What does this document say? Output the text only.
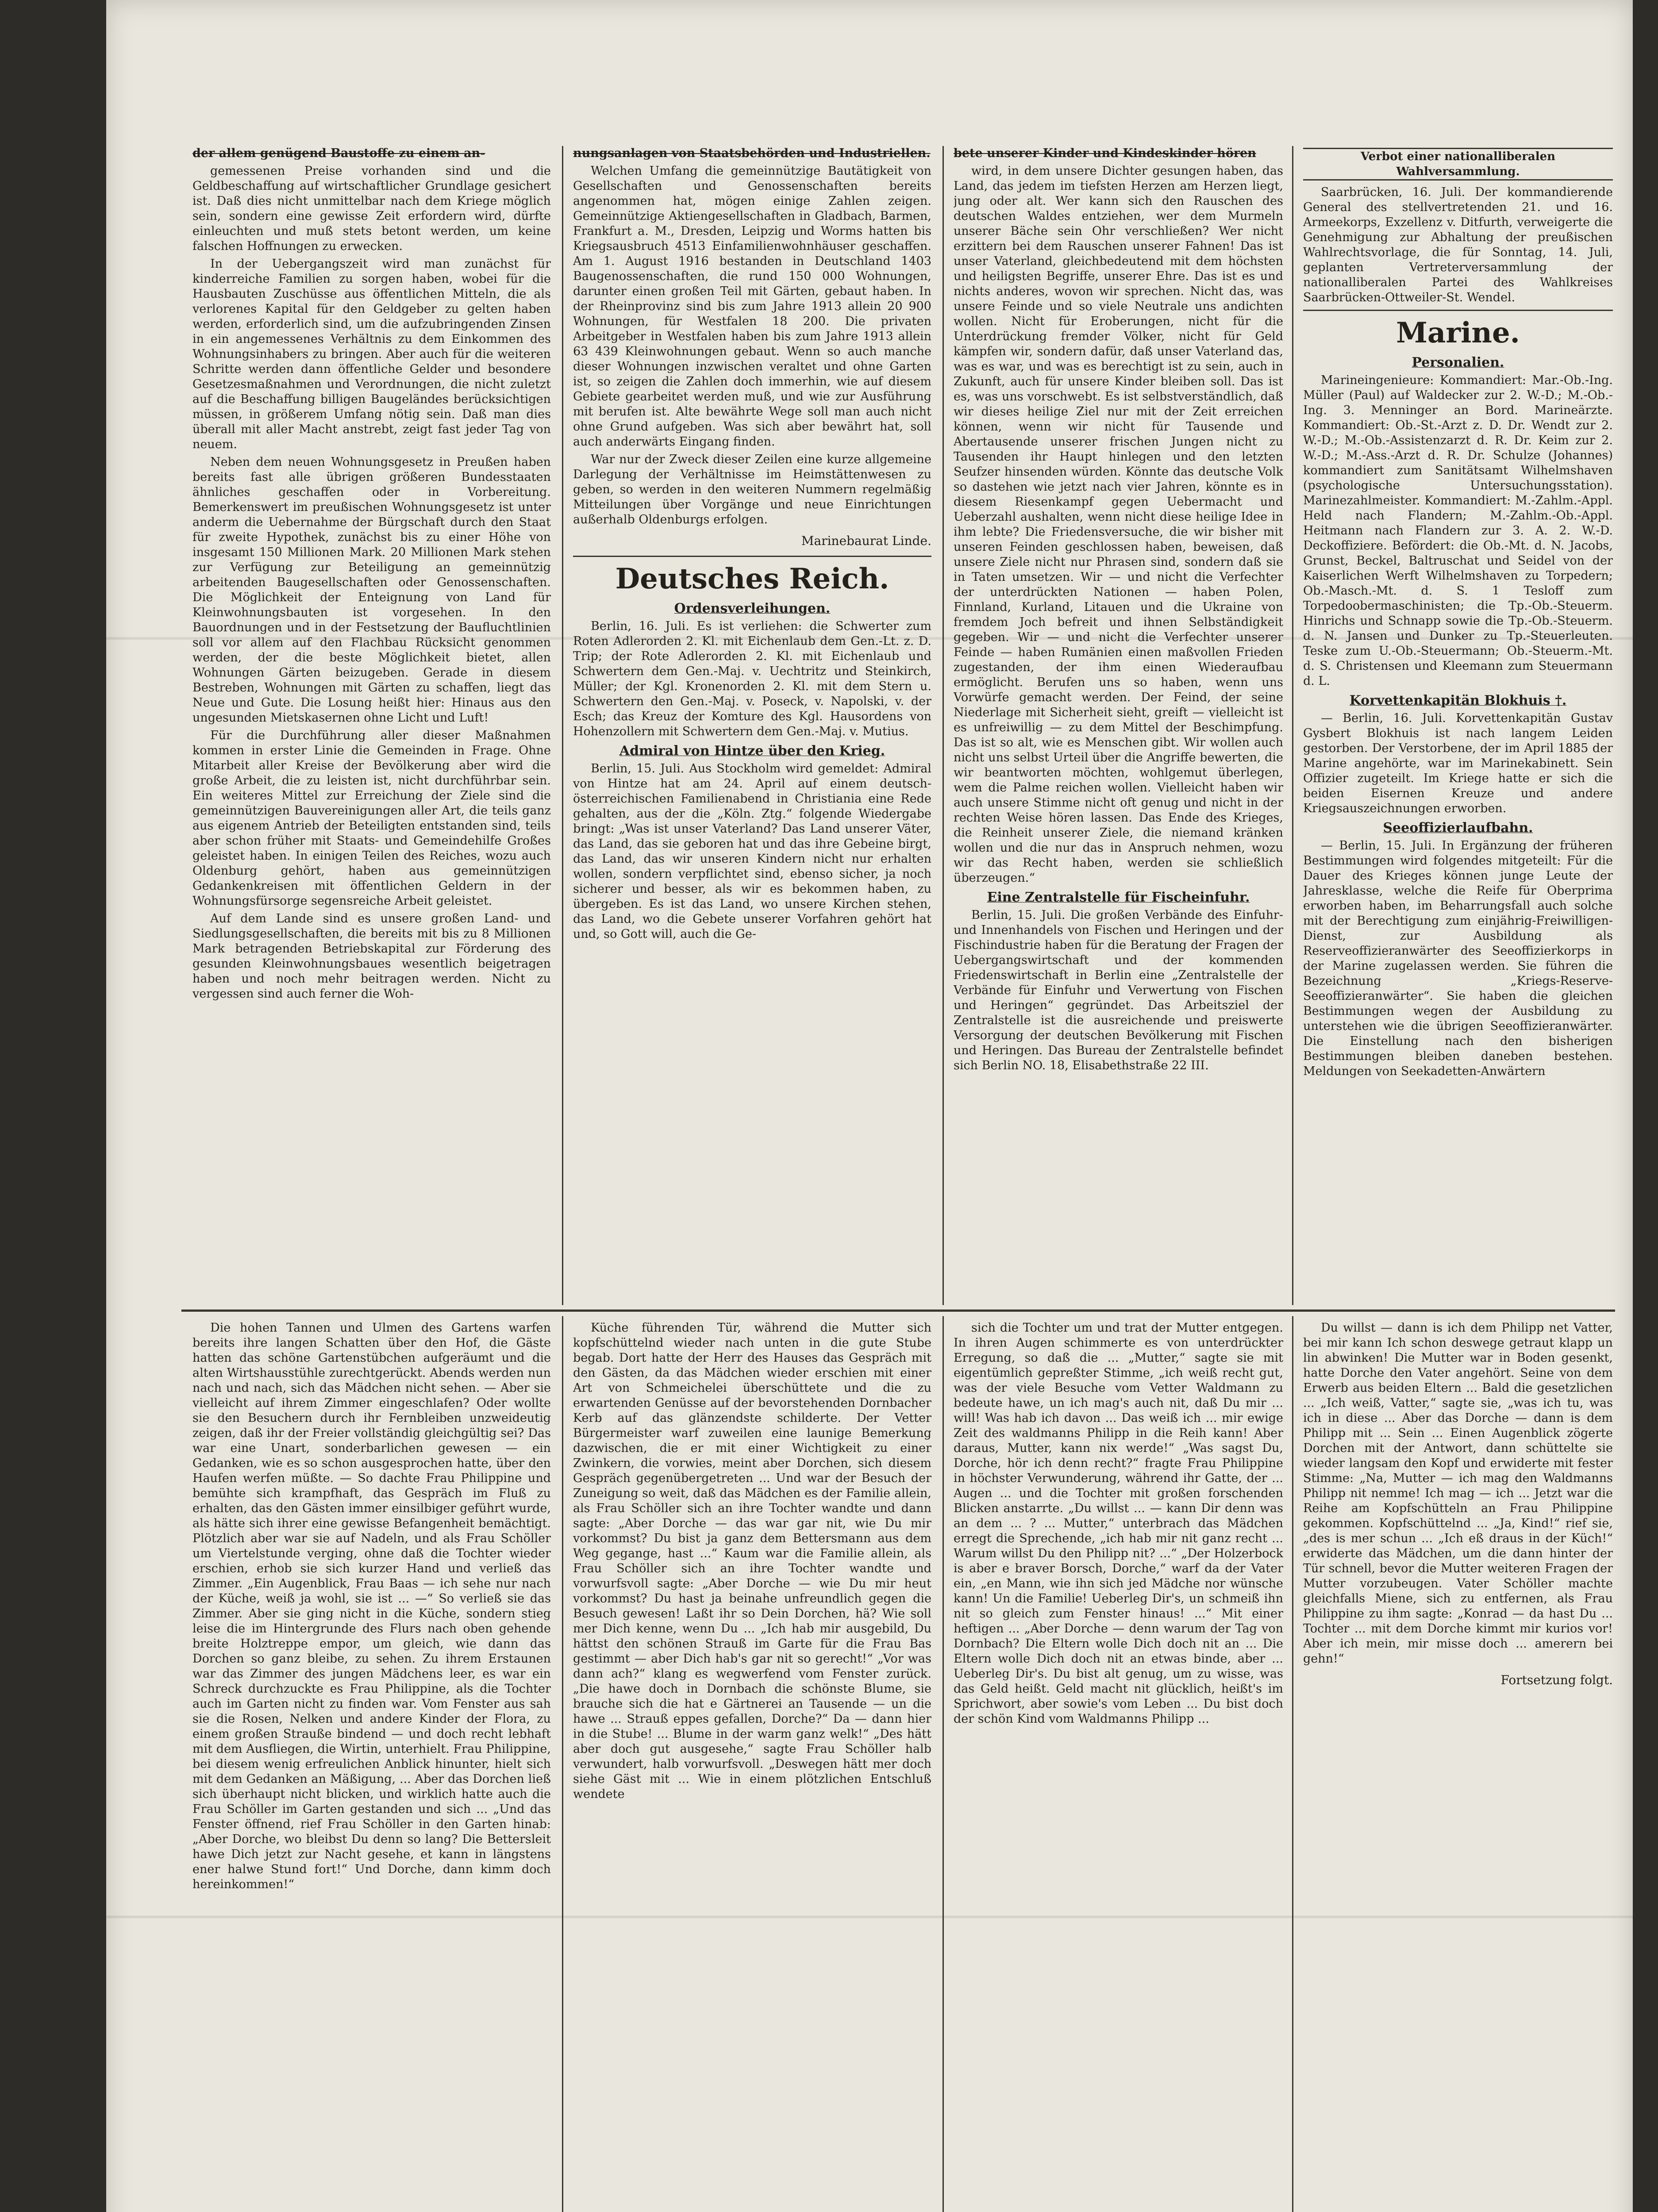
der allem genügend Baustoffe zu einem an-

gemessenen Preise vorhanden sind und die Geldbeschaffung auf wirtschaftlicher Grundlage gesichert ist. Daß dies nicht unmittelbar nach dem Kriege möglich sein, sondern eine gewisse Zeit erfordern wird, dürfte einleuchten und muß stets betont werden, um keine falschen Hoffnungen zu erwecken.

In der Uebergangszeit wird man zunächst für kinderreiche Familien zu sorgen haben, wobei für die Hausbauten Zuschüsse aus öffentlichen Mitteln, die als verlorenes Kapital für den Geldgeber zu gelten haben werden, erforderlich sind, um die aufzubringenden Zinsen in ein angemessenes Verhältnis zu dem Einkommen des Wohnungsinhabers zu bringen. Aber auch für die weiteren Schritte werden dann öffentliche Gelder und besondere Gesetzesmaßnahmen und Verordnungen, die nicht zuletzt auf die Beschaffung billigen Baugeländes berücksichtigen müssen, in größerem Umfang nötig sein. Daß man dies überall mit aller Macht anstrebt, zeigt fast jeder Tag von neuem.

Neben dem neuen Wohnungsgesetz in Preußen haben bereits fast alle übrigen größeren Bundesstaaten ähnliches geschaffen oder in Vorbereitung. Bemerkenswert im preußischen Wohnungsgesetz ist unter anderm die Uebernahme der Bürgschaft durch den Staat für zweite Hypothek, zunächst bis zu einer Höhe von insgesamt 150 Millionen Mark. 20 Millionen Mark stehen zur Verfügung zur Beteiligung an gemeinnützig arbeitenden Baugesellschaften oder Genossenschaften. Die Möglichkeit der Enteignung von Land für Kleinwohnungsbauten ist vorgesehen. In den Bauordnungen und in der Festsetzung der Baufluchtlinien soll vor allem auf den Flachbau Rücksicht genommen werden, der die beste Möglichkeit bietet, allen Wohnungen Gärten beizugeben. Gerade in diesem Bestreben, Wohnungen mit Gärten zu schaffen, liegt das Neue und Gute. Die Losung heißt hier: Hinaus aus den ungesunden Mietskasernen ohne Licht und Luft!

Für die Durchführung aller dieser Maßnahmen kommen in erster Linie die Gemeinden in Frage. Ohne Mitarbeit aller Kreise der Bevölkerung aber wird die große Arbeit, die zu leisten ist, nicht durchführbar sein. Ein weiteres Mittel zur Erreichung der Ziele sind die gemeinnützigen Bauvereinigungen aller Art, die teils ganz aus eigenem Antrieb der Beteiligten entstanden sind, teils aber schon früher mit Staats- und Gemeindehilfe Großes geleistet haben. In einigen Teilen des Reiches, wozu auch Oldenburg gehört, haben aus gemeinnützigen Gedankenkreisen mit öffentlichen Geldern in der Wohnungsfürsorge segensreiche Arbeit geleistet.

Auf dem Lande sind es unsere großen Land- und Siedlungsgesellschaften, die bereits mit bis zu 8 Millionen Mark betragenden Betriebskapital zur Förderung des gesunden Kleinwohnungsbaues wesentlich beigetragen haben und noch mehr beitragen werden. Nicht zu vergessen sind auch ferner die Woh-

nungsanlagen von Staatsbehörden und Industriellen.

Welchen Umfang die gemeinnützige Bautätigkeit von Gesellschaften und Genossenschaften bereits angenommen hat, mögen einige Zahlen zeigen. Gemeinnützige Aktiengesellschaften in Gladbach, Barmen, Frankfurt a. M., Dresden, Leipzig und Worms hatten bis Kriegsausbruch 4513 Einfamilienwohnhäuser geschaffen. Am 1. August 1916 bestanden in Deutschland 1403 Baugenossenschaften, die rund 150 000 Wohnungen, darunter einen großen Teil mit Gärten, gebaut haben. In der Rheinprovinz sind bis zum Jahre 1913 allein 20 900 Wohnungen, für Westfalen 18 200. Die privaten Arbeitgeber in Westfalen haben bis zum Jahre 1913 allein 63 439 Kleinwohnungen gebaut. Wenn so auch manche dieser Wohnungen inzwischen veraltet und ohne Garten ist, so zeigen die Zahlen doch immerhin, wie auf diesem Gebiete gearbeitet werden muß, und wie zur Ausführung mit berufen ist. Alte bewährte Wege soll man auch nicht ohne Grund aufgeben. Was sich aber bewährt hat, soll auch anderwärts Eingang finden.

War nur der Zweck dieser Zeilen eine kurze allgemeine Darlegung der Verhältnisse im Heimstättenwesen zu geben, so werden in den weiteren Nummern regelmäßig Mitteilungen über Vorgänge und neue Einrichtungen außerhalb Oldenburgs erfolgen.

Marinebaurat Linde.
Deutsches Reich.
Ordensverleihungen.

Berlin, 16. Juli. Es ist verliehen: die Schwerter zum Roten Adlerorden 2. Kl. mit Eichenlaub dem Gen.-Lt. z. D. Trip; der Rote Adlerorden 2. Kl. mit Eichenlaub und Schwertern dem Gen.-Maj. v. Uechtritz und Steinkirch, Müller; der Kgl. Kronenorden 2. Kl. mit dem Stern u. Schwertern den Gen.-Maj. v. Poseck, v. Napolski, v. der Esch; das Kreuz der Komture des Kgl. Hausordens von Hohenzollern mit Schwertern dem Gen.-Maj. v. Mutius.

Admiral von Hintze über den Krieg.

Berlin, 15. Juli. Aus Stockholm wird gemeldet: Admiral von Hintze hat am 24. April auf einem deutsch-österreichischen Familienabend in Christiania eine Rede gehalten, aus der die „Köln. Ztg.“ folgende Wiedergabe bringt: „Was ist unser Vaterland? Das Land unserer Väter, das Land, das sie geboren hat und das ihre Gebeine birgt, das Land, das wir unseren Kindern nicht nur erhalten wollen, sondern verpflichtet sind, ebenso sicher, ja noch sicherer und besser, als wir es bekommen haben, zu übergeben. Es ist das Land, wo unsere Kirchen stehen, das Land, wo die Gebete unserer Vorfahren gehört hat und, so Gott will, auch die Ge-

bete unserer Kinder und Kindeskinder hören

wird, in dem unsere Dichter gesungen haben, das Land, das jedem im tiefsten Herzen am Herzen liegt, jung oder alt. Wer kann sich den Rauschen des deutschen Waldes entziehen, wer dem Murmeln unserer Bäche sein Ohr verschließen? Wer nicht erzittern bei dem Rauschen unserer Fahnen! Das ist unser Vaterland, gleichbedeutend mit dem höchsten und heiligsten Begriffe, unserer Ehre. Das ist es und nichts anderes, wovon wir sprechen. Nicht das, was unsere Feinde und so viele Neutrale uns andichten wollen. Nicht für Eroberungen, nicht für die Unterdrückung fremder Völker, nicht für Geld kämpfen wir, sondern dafür, daß unser Vaterland das, was es war, und was es berechtigt ist zu sein, auch in Zukunft, auch für unsere Kinder bleiben soll. Das ist es, was uns vorschwebt. Es ist selbstverständlich, daß wir dieses heilige Ziel nur mit der Zeit erreichen können, wenn wir nicht für Tausende und Abertausende unserer frischen Jungen nicht zu Tausenden ihr Haupt hinlegen und den letzten Seufzer hinsenden würden. Könnte das deutsche Volk so dastehen wie jetzt nach vier Jahren, könnte es in diesem Riesenkampf gegen Uebermacht und Ueberzahl aushalten, wenn nicht diese heilige Idee in ihm lebte? Die Friedensversuche, die wir bisher mit unseren Feinden geschlossen haben, beweisen, daß unsere Ziele nicht nur Phrasen sind, sondern daß sie in Taten umsetzen. Wir — und nicht die Verfechter der unterdrückten Nationen — haben Polen, Finnland, Kurland, Litauen und die Ukraine von fremdem Joch befreit und ihnen Selbständigkeit gegeben. Wir — und nicht die Verfechter unserer Feinde — haben Rumänien einen maßvollen Frieden zugestanden, der ihm einen Wiederaufbau ermöglicht. Berufen uns so haben, wenn uns Vorwürfe gemacht werden. Der Feind, der seine Niederlage mit Sicherheit sieht, greift — vielleicht ist es unfreiwillig — zu dem Mittel der Beschimpfung. Das ist so alt, wie es Menschen gibt. Wir wollen auch nicht uns selbst Urteil über die Angriffe bewerten, die wir beantworten möchten, wohlgemut überlegen, wem die Palme reichen wollen. Vielleicht haben wir auch unsere Stimme nicht oft genug und nicht in der rechten Weise hören lassen. Das Ende des Krieges, die Reinheit unserer Ziele, die niemand kränken wollen und die nur das in Anspruch nehmen, wozu wir das Recht haben, werden sie schließlich überzeugen.“

Eine Zentralstelle für Fischeinfuhr.

Berlin, 15. Juli. Die großen Verbände des Einfuhr- und Innenhandels von Fischen und Heringen und der Fischindustrie haben für die Beratung der Fragen der Uebergangswirtschaft und der kommenden Friedenswirtschaft in Berlin eine „Zentralstelle der Verbände für Einfuhr und Verwertung von Fischen und Heringen“ gegründet. Das Arbeitsziel der Zentralstelle ist die ausreichende und preiswerte Versorgung der deutschen Bevölkerung mit Fischen und Heringen. Das Bureau der Zentralstelle befindet sich Berlin NO. 18, Elisabethstraße 22 III.

Verbot einer nationalliberalen Wahlversammlung.

Saarbrücken, 16. Juli. Der kommandierende General des stellvertretenden 21. und 16. Armeekorps, Exzellenz v. Ditfurth, verweigerte die Genehmigung zur Abhaltung der preußischen Wahlrechtsvorlage, die für Sonntag, 14. Juli, geplanten Vertreterversammlung der nationalliberalen Partei des Wahlkreises Saarbrücken-Ottweiler-St. Wendel.

Marine.
Personalien.

Marineingenieure: Kommandiert: Mar.-Ob.-Ing. Müller (Paul) auf Waldecker zur 2. W.-D.; M.-Ob.-Ing. 3. Menninger an Bord. Marineärzte. Kommandiert: Ob.-St.-Arzt z. D. Dr. Wendt zur 2. W.-D.; M.-Ob.-Assistenzarzt d. R. Dr. Keim zur 2. W.-D.; M.-Ass.-Arzt d. R. Dr. Schulze (Johannes) kommandiert zum Sanitätsamt Wilhelmshaven (psychologische Untersuchungsstation). Marinezahlmeister. Kommandiert: M.-Zahlm.-Appl. Held nach Flandern; M.-Zahlm.-Ob.-Appl. Heitmann nach Flandern zur 3. A. 2. W.-D. Deckoffiziere. Befördert: die Ob.-Mt. d. N. Jacobs, Grunst, Beckel, Baltruschat und Seidel von der Kaiserlichen Werft Wilhelmshaven zu Torpedern; Ob.-Masch.-Mt. d. S. 1 Tesloff zum Torpedoobermaschinisten; die Tp.-Ob.-Steuerm. Hinrichs und Schnapp sowie die Tp.-Ob.-Steuerm. d. N. Jansen und Dunker zu Tp.-Steuerleuten. Teske zum U.-Ob.-Steuermann; Ob.-Steuerm.-Mt. d. S. Christensen und Kleemann zum Steuermann d. L.

Korvettenkapitän Blokhuis †.

— Berlin, 16. Juli. Korvettenkapitän Gustav Gysbert Blokhuis ist nach langem Leiden gestorben. Der Verstorbene, der im April 1885 der Marine angehörte, war im Marinekabinett. Sein Offizier zugeteilt. Im Kriege hatte er sich die beiden Eisernen Kreuze und andere Kriegsauszeichnungen erworben.

Seeoffizierlaufbahn.

— Berlin, 15. Juli. In Ergänzung der früheren Bestimmungen wird folgendes mitgeteilt: Für die Dauer des Krieges können junge Leute der Jahresklasse, welche die Reife für Oberprima erworben haben, im Beharrungsfall auch solche mit der Berechtigung zum einjährig-Freiwilligen-Dienst, zur Ausbildung als Reserveoffizieranwärter des Seeoffizierkorps in der Marine zugelassen werden. Sie führen die Bezeichnung „Kriegs-Reserve-Seeoffizieranwärter“. Sie haben die gleichen Bestimmungen wegen der Ausbildung zu unterstehen wie die übrigen Seeoffizieranwärter. Die Einstellung nach den bisherigen Bestimmungen bleiben daneben bestehen. Meldungen von Seekadetten-Anwärtern

Die hohen Tannen und Ulmen des Gartens warfen bereits ihre langen Schatten über den Hof, die Gäste hatten das schöne Gartenstübchen aufgeräumt und die alten Wirtshausstühle zurechtgerückt. Abends werden nun nach und nach, sich das Mädchen nicht sehen. — Aber sie vielleicht auf ihrem Zimmer eingeschlafen? Oder wollte sie den Besuchern durch ihr Fernbleiben unzweideutig zeigen, daß ihr der Freier vollständig gleichgültig sei? Das war eine Unart, sonderbarlichen gewesen — ein Gedanken, wie es so schon ausgesprochen hatte, über den Haufen werfen müßte. — So dachte Frau Philippine und bemühte sich krampfhaft, das Gespräch im Fluß zu erhalten, das den Gästen immer einsilbiger geführt wurde, als hätte sich ihrer eine gewisse Befangenheit bemächtigt. Plötzlich aber war sie auf Nadeln, und als Frau Schöller um Viertelstunde verging, ohne daß die Tochter wieder erschien, erhob sie sich kurzer Hand und verließ das Zimmer. „Ein Augenblick, Frau Baas — ich sehe nur nach der Küche, weiß ja wohl, sie ist ... —“ So verließ sie das Zimmer. Aber sie ging nicht in die Küche, sondern stieg leise die im Hintergrunde des Flurs nach oben gehende breite Holztreppe empor, um gleich, wie dann das Dorchen so ganz bleibe, zu sehen. Zu ihrem Erstaunen war das Zimmer des jungen Mädchens leer, es war ein Schreck durchzuckte es Frau Philippine, als die Tochter auch im Garten nicht zu finden war. Vom Fenster aus sah sie die Rosen, Nelken und andere Kinder der Flora, zu einem großen Strauße bindend — und doch recht lebhaft mit dem Ausfliegen, die Wirtin, unterhielt. Frau Philippine, bei diesem wenig erfreulichen Anblick hinunter, hielt sich mit dem Gedanken an Mäßigung, ... Aber das Dorchen ließ sich überhaupt nicht blicken, und wirklich hatte auch die Frau Schöller im Garten gestanden und sich ... „Und das Fenster öffnend, rief Frau Schöller in den Garten hinab: „Aber Dorche, wo bleibst Du denn so lang? Die Bettersleit hawe Dich jetzt zur Nacht gesehe, et kann in längstens ener halwe Stund fort!“ Und Dorche, dann kimm doch hereinkommen!“

Küche führenden Tür, während die Mutter sich kopfschüttelnd wieder nach unten in die gute Stube begab. Dort hatte der Herr des Hauses das Gespräch mit den Gästen, da das Mädchen wieder erschien mit einer Art von Schmeichelei überschüttete und die zu erwartenden Genüsse auf der bevorstehenden Dornbacher Kerb auf das glänzendste schilderte. Der Vetter Bürgermeister warf zuweilen eine launige Bemerkung dazwischen, die er mit einer Wichtigkeit zu einer Zwinkern, die vorwies, meint aber Dorchen, sich diesem Gespräch gegenübergetreten ... Und war der Besuch der Zuneigung so weit, daß das Mädchen es der Familie allein, als Frau Schöller sich an ihre Tochter wandte und dann sagte: „Aber Dorche — das war gar nit, wie Du mir vorkommst? Du bist ja ganz dem Bettersmann aus dem Weg gegange, hast ...“ Kaum war die Familie allein, als Frau Schöller sich an ihre Tochter wandte und vorwurfsvoll sagte: „Aber Dorche — wie Du mir heut vorkommst? Du hast ja beinahe unfreundlich gegen die Besuch gewesen! Laßt ihr so Dein Dorchen, hä? Wie soll mer Dich kenne, wenn Du ... „Ich hab mir ausgebild, Du hättst den schönen Strauß im Garte für die Frau Bas gestimmt — aber Dich hab's gar nit so gerecht!“ „Vor was dann ach?“ klang es wegwerfend vom Fenster zurück. „Die hawe doch in Dornbach die schönste Blume, sie brauche sich die hat e Gärtnerei an Tausende — un die hawe ... Strauß eppes gefallen, Dorche?“ Da — dann hier in die Stube! ... Blume in der warm ganz welk!“ „Des hätt aber doch gut ausgesehe,“ sagte Frau Schöller halb verwundert, halb vorwurfsvoll. „Deswegen hätt mer doch siehe Gäst mit ... Wie in einem plötzlichen Entschluß wendete

sich die Tochter um und trat der Mutter entgegen. In ihren Augen schimmerte es von unterdrückter Erregung, so daß die ... „Mutter,“ sagte sie mit eigentümlich gepreßter Stimme, „ich weiß recht gut, was der viele Besuche vom Vetter Waldmann zu bedeute hawe, un ich mag's auch nit, daß Du mir ... will! Was hab ich davon ... Das weiß ich ... mir ewige Zeit des waldmanns Philipp in die Reih kann! Aber daraus, Mutter, kann nix werde!“ „Was sagst Du, Dorche, hör ich denn recht?“ fragte Frau Philippine in höchster Verwunderung, während ihr Gatte, der ... Augen ... und die Tochter mit großen forschenden Blicken anstarrte. „Du willst ... — kann Dir denn was an dem ... ? ... Mutter,“ unterbrach das Mädchen erregt die Sprechende, „ich hab mir nit ganz recht ... Warum willst Du den Philipp nit? ...“ „Der Holzerbock is aber e braver Borsch, Dorche,“ warf da der Vater ein, „en Mann, wie ihn sich jed Mädche nor wünsche kann! Un die Familie! Ueberleg Dir's, un schmeiß ihn nit so gleich zum Fenster hinaus! ...“ Mit einer heftigen ... „Aber Dorche — denn warum der Tag von Dornbach? Die Eltern wolle Dich doch nit an ... Die Eltern wolle Dich doch nit an etwas binde, aber ... Ueberleg Dir's. Du bist alt genug, um zu wisse, was das Geld heißt. Geld macht nit glücklich, heißt's im Sprichwort, aber sowie's vom Leben ... Du bist doch der schön Kind vom Waldmanns Philipp ...

Du willst — dann is ich dem Philipp net Vatter, bei mir kann Ich schon deswege getraut klapp un lin abwinken! Die Mutter war in Boden gesenkt, hatte Dorche den Vater angehört. Seine von dem Erwerb aus beiden Eltern ... Bald die gesetzlichen ... „Ich weiß, Vatter,“ sagte sie, „was ich tu, was ich in diese ... Aber das Dorche — dann is dem Philipp mit ... Sein ... Einen Augenblick zögerte Dorchen mit der Antwort, dann schüttelte sie wieder langsam den Kopf und erwiderte mit fester Stimme: „Na, Mutter — ich mag den Waldmanns Philipp nit nemme! Ich mag — ich ... Jetzt war die Reihe am Kopfschütteln an Frau Philippine gekommen. Kopfschüttelnd ... „Ja, Kind!“ rief sie, „des is mer schun ... „Ich eß draus in der Küch!“ erwiderte das Mädchen, um die dann hinter der Tür schnell, bevor die Mutter weiteren Fragen der Mutter vorzubeugen. Vater Schöller machte gleichfalls Miene, sich zu entfernen, als Frau Philippine zu ihm sagte: „Konrad — da hast Du ... Tochter ... mit dem Dorche kimmt mir kurios vor! Aber ich mein, mir misse doch ... amerern bei gehn!“

Fortsetzung folgt.
